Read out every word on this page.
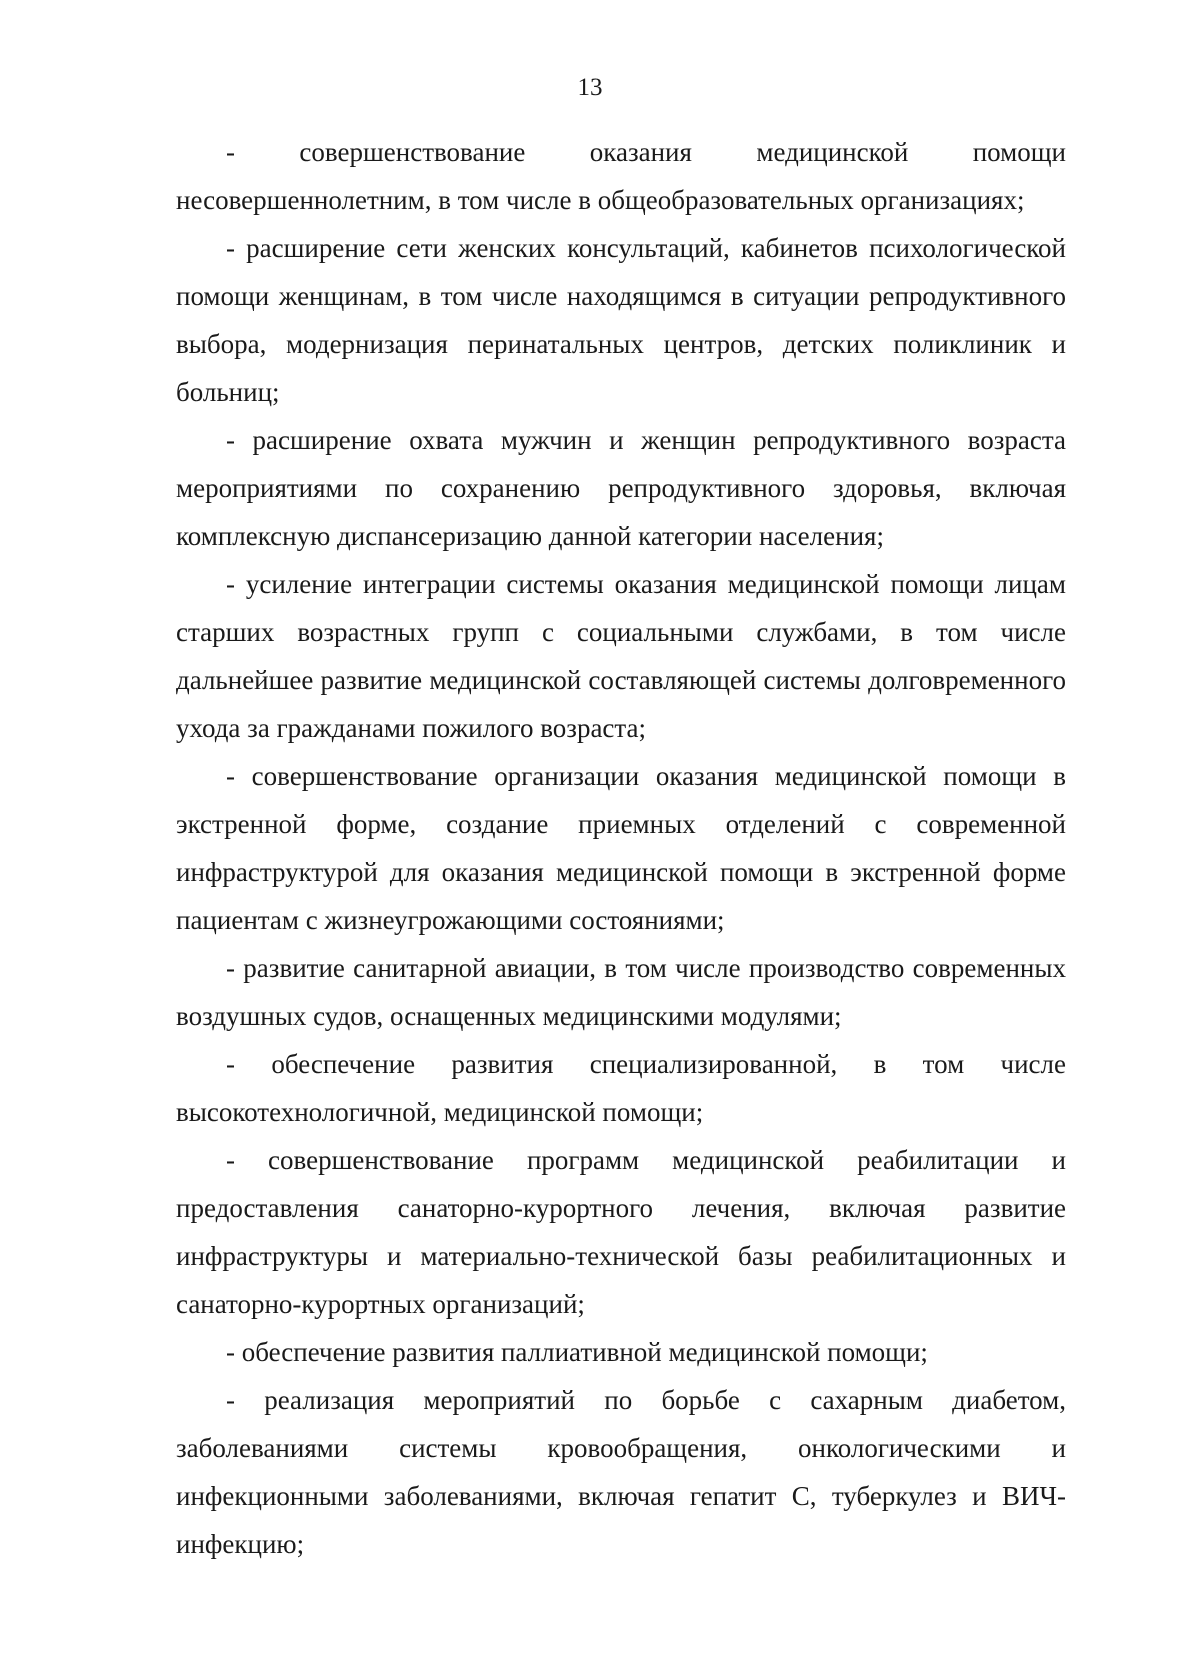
13

- совершенствование оказания медицинской помощи несовершеннолетним, в том числе в общеобразовательных организациях;

- расширение сети женских консультаций, кабинетов психологической помощи женщинам, в том числе находящимся в ситуации репродуктивного выбора, модернизация перинатальных центров, детских поликлиник и больниц;

- расширение охвата мужчин и женщин репродуктивного возраста мероприятиями по сохранению репродуктивного здоровья, включая комплексную диспансеризацию данной категории населения;

- усиление интеграции системы оказания медицинской помощи лицам старших возрастных групп с социальными службами, в том числе дальнейшее развитие медицинской составляющей системы долговременного ухода за гражданами пожилого возраста;

- совершенствование организации оказания медицинской помощи в экстренной форме, создание приемных отделений с современной инфраструктурой для оказания медицинской помощи в экстренной форме пациентам с жизнеугрожающими состояниями;

- развитие санитарной авиации, в том числе производство современных воздушных судов, оснащенных медицинскими модулями;

- обеспечение развития специализированной, в том числе высокотехнологичной, медицинской помощи;

- совершенствование программ медицинской реабилитации и предоставления санаторно-курортного лечения, включая развитие инфраструктуры и материально-технической базы реабилитационных и санаторно-курортных организаций;

- обеспечение развития паллиативной медицинской помощи;

- реализация мероприятий по борьбе с сахарным диабетом, заболеваниями системы кровообращения, онкологическими и инфекционными заболеваниями, включая гепатит С, туберкулез и ВИЧ-инфекцию;
